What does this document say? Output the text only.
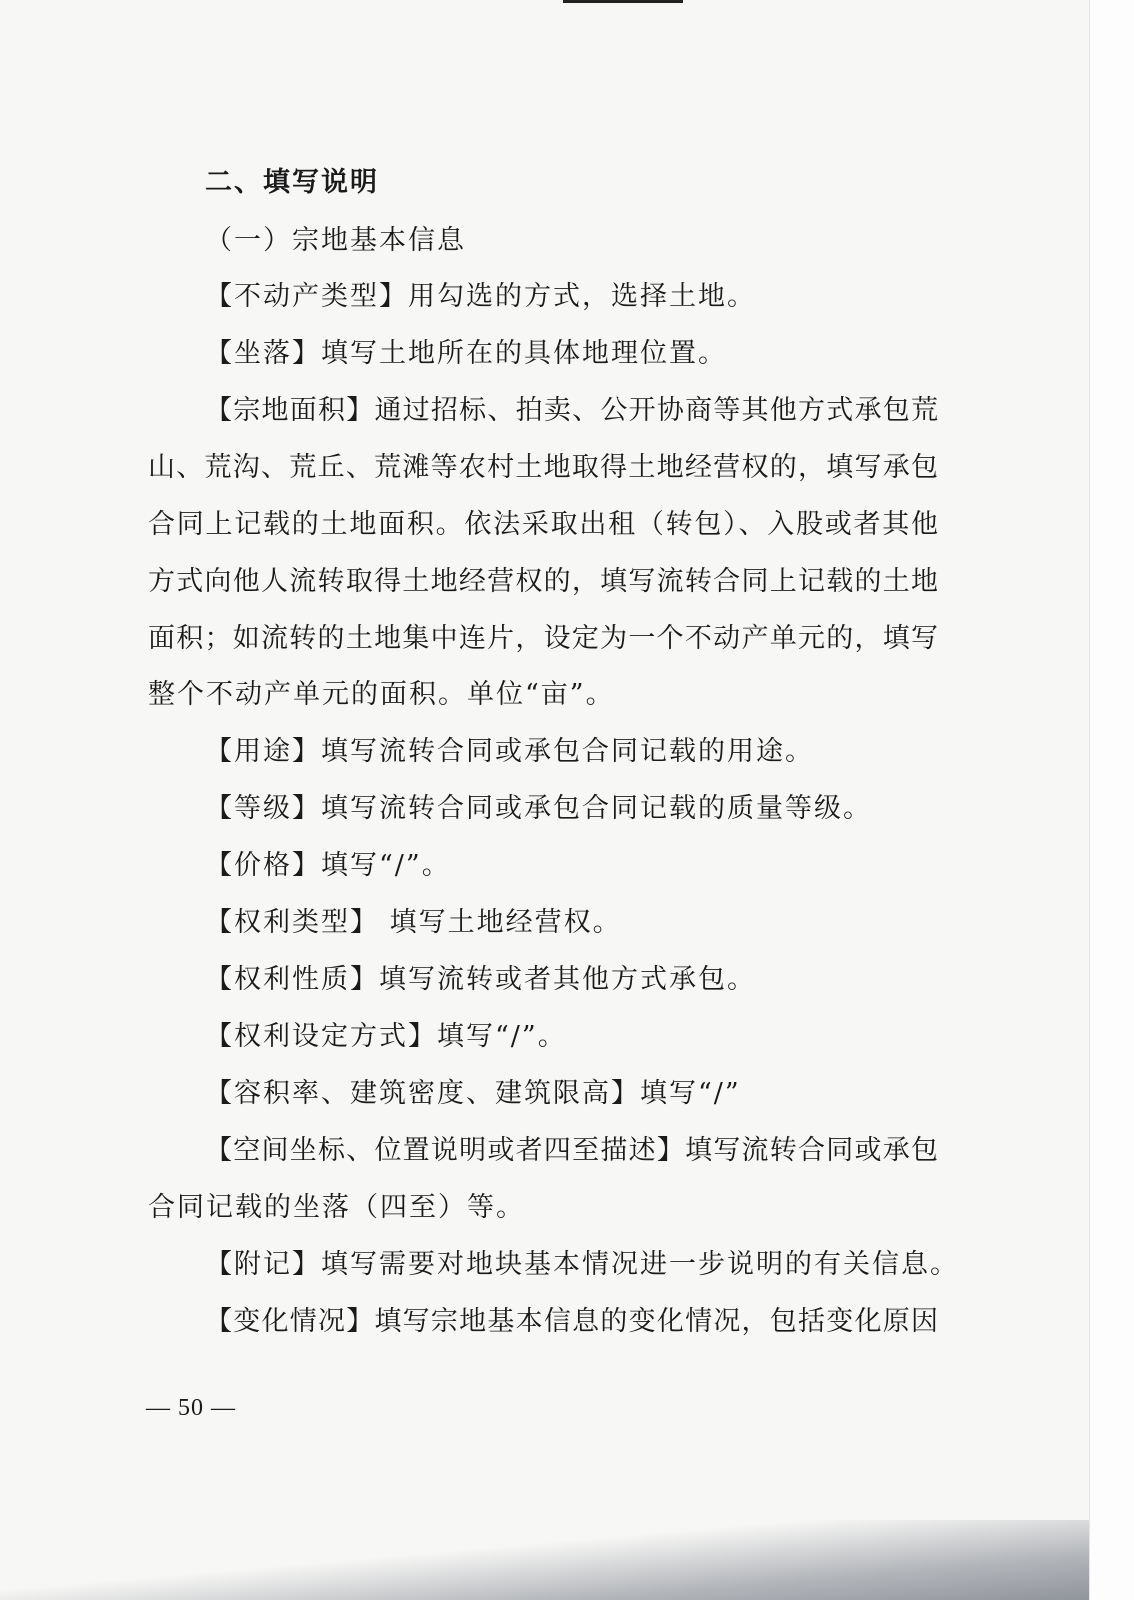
二、填写说明
（一）宗地基本信息
【不动产类型】用勾选的方式，选择土地。
【坐落】填写土地所在的具体地理位置。
【宗地面积】通过招标、拍卖、公开协商等其他方式承包荒
山、荒沟、荒丘、荒滩等农村土地取得土地经营权的，填写承包
合同上记载的土地面积。依法采取出租（转包）、入股或者其他
方式向他人流转取得土地经营权的，填写流转合同上记载的土地
面积；如流转的土地集中连片，设定为一个不动产单元的，填写
整个不动产单元的面积。单位“亩”。
【用途】填写流转合同或承包合同记载的用途。
【等级】填写流转合同或承包合同记载的质量等级。
【价格】填写“/”。
【权利类型】 填写土地经营权。
【权利性质】填写流转或者其他方式承包。
【权利设定方式】填写“/”。
【容积率、建筑密度、建筑限高】填写“/”
【空间坐标、位置说明或者四至描述】填写流转合同或承包
合同记载的坐落（四至）等。
【附记】填写需要对地块基本情况进一步说明的有关信息。
【变化情况】填写宗地基本信息的变化情况，包括变化原因
— 50 —
